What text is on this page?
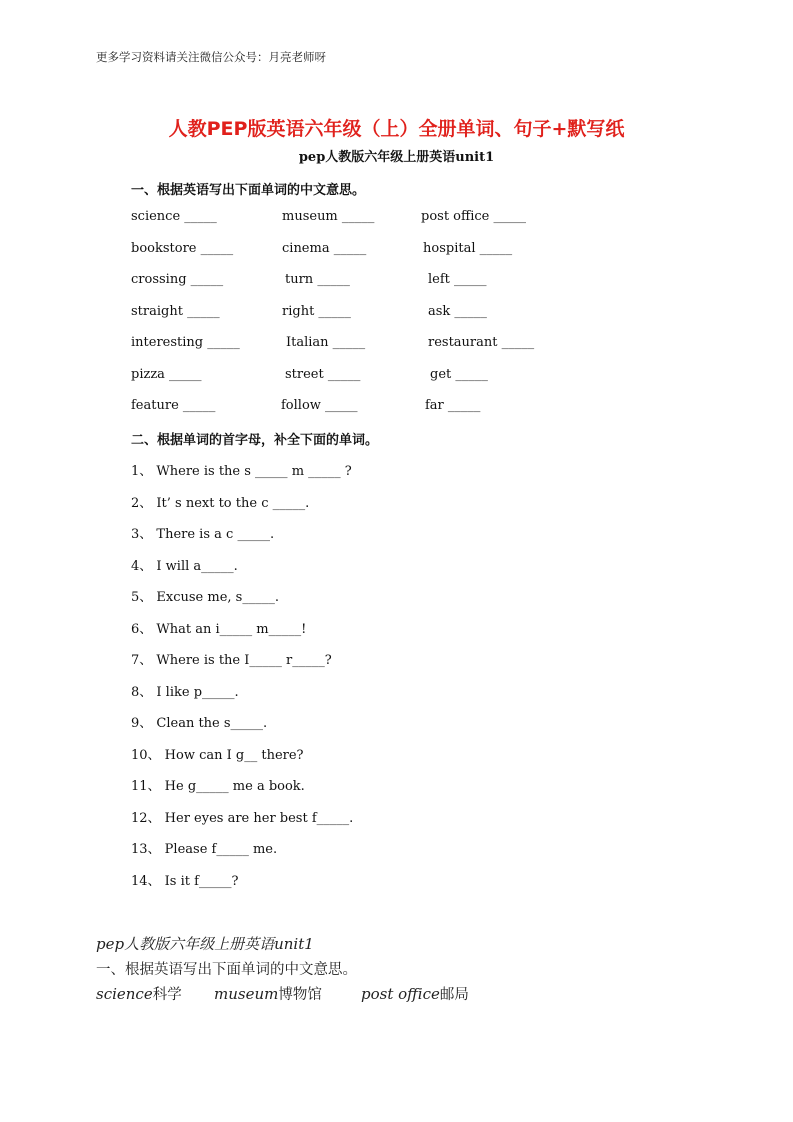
更多学习资料请关注微信公众号：月亮老师呀
人教PEP版英语六年级（上）全册单词、句子+默写纸
pep人教版六年级上册英语unit1
一、根据英语写出下面单词的中文意思。
science _____	museum _____	post office _____
bookstore _____	cinema _____	hospital _____
crossing _____	turn _____	left _____
straight _____	right _____	ask _____
interesting _____	Italian _____	restaurant _____
pizza _____	street _____	get _____
feature _____	follow _____	far _____
二、根据单词的首字母，补全下面的单词。
1、 Where is the s _____ m _____ ?
2、 It’ s next to the c _____.
3、 There is a c _____.
4、 I will a_____.
5、 Excuse me, s_____.
6、 What an i_____ m_____!
7、 Where is the I_____ r_____?
8、 I like p_____.
9、 Clean the s_____.
10、 How can I g__ there?
11、 He g_____ me a book.
12、 Her eyes are her best f_____.
13、 Please f_____ me.
14、 Is it f_____?
pep人教版六年级上册英语unit1
一、根据英语写出下面单词的中文意思。
science科学 museum博物馆	post office邮局
